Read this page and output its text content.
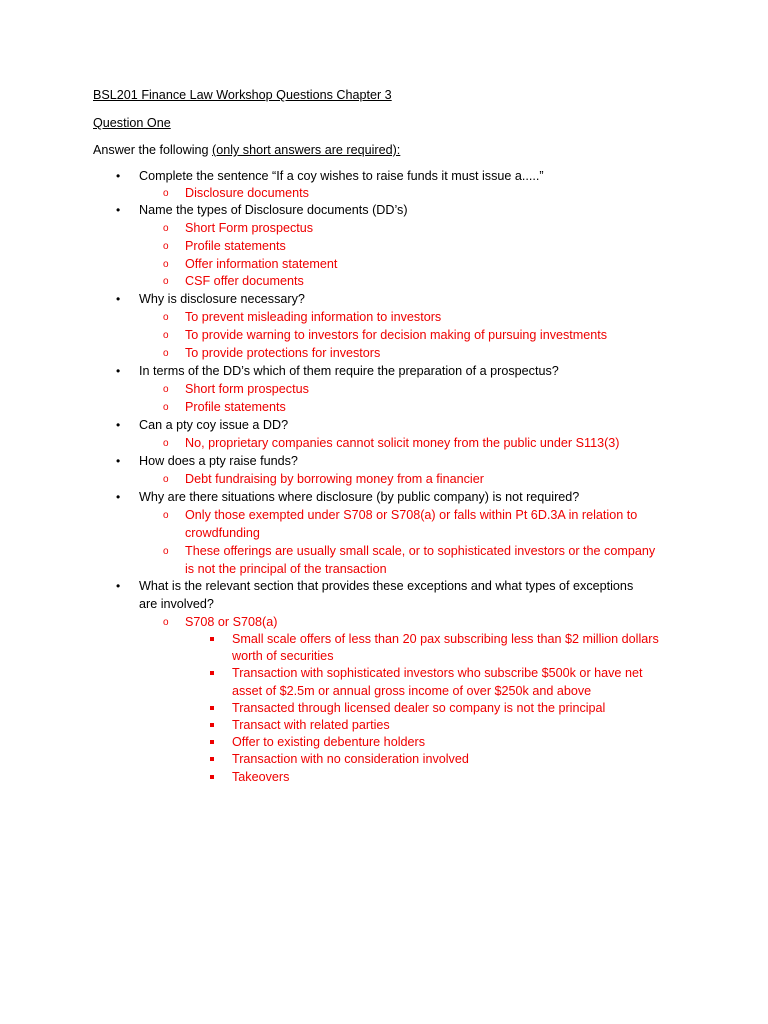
BSL201 Finance Law Workshop Questions Chapter 3
Question One
Answer the following (only short answers are required):
• Complete the sentence “If a coy wishes to raise funds it must issue a.....”
o Disclosure documents
• Name the types of Disclosure documents (DD’s)
o Short Form prospectus
o Profile statements
o Offer information statement
o CSF offer documents
• Why is disclosure necessary?
o To prevent misleading information to investors
o To provide warning to investors for decision making of pursuing investments
o To provide protections for investors
• In terms of the DD’s which of them require the preparation of a prospectus?
o Short form prospectus
o Profile statements
• Can a pty coy issue a DD?
o No, proprietary companies cannot solicit money from the public under S113(3)
• How does a pty raise funds?
o Debt fundraising by borrowing money from a financier
• Why are there situations where disclosure (by public company) is not required?
o Only those exempted under S708 or S708(a) or falls within Pt 6D.3A in relation to
crowdfunding
o These offerings are usually small scale, or to sophisticated investors or the company
is not the principal of the transaction
• What is the relevant section that provides these exceptions and what types of exceptions
are involved?
o S708 or S708(a)
Small scale offers of less than 20 pax subscribing less than $2 million dollars
worth of securities
Transaction with sophisticated investors who subscribe $500k or have net
asset of $2.5m or annual gross income of over $250k and above
Transacted through licensed dealer so company is not the principal
Transact with related parties
Offer to existing debenture holders
Transaction with no consideration involved
Takeovers
